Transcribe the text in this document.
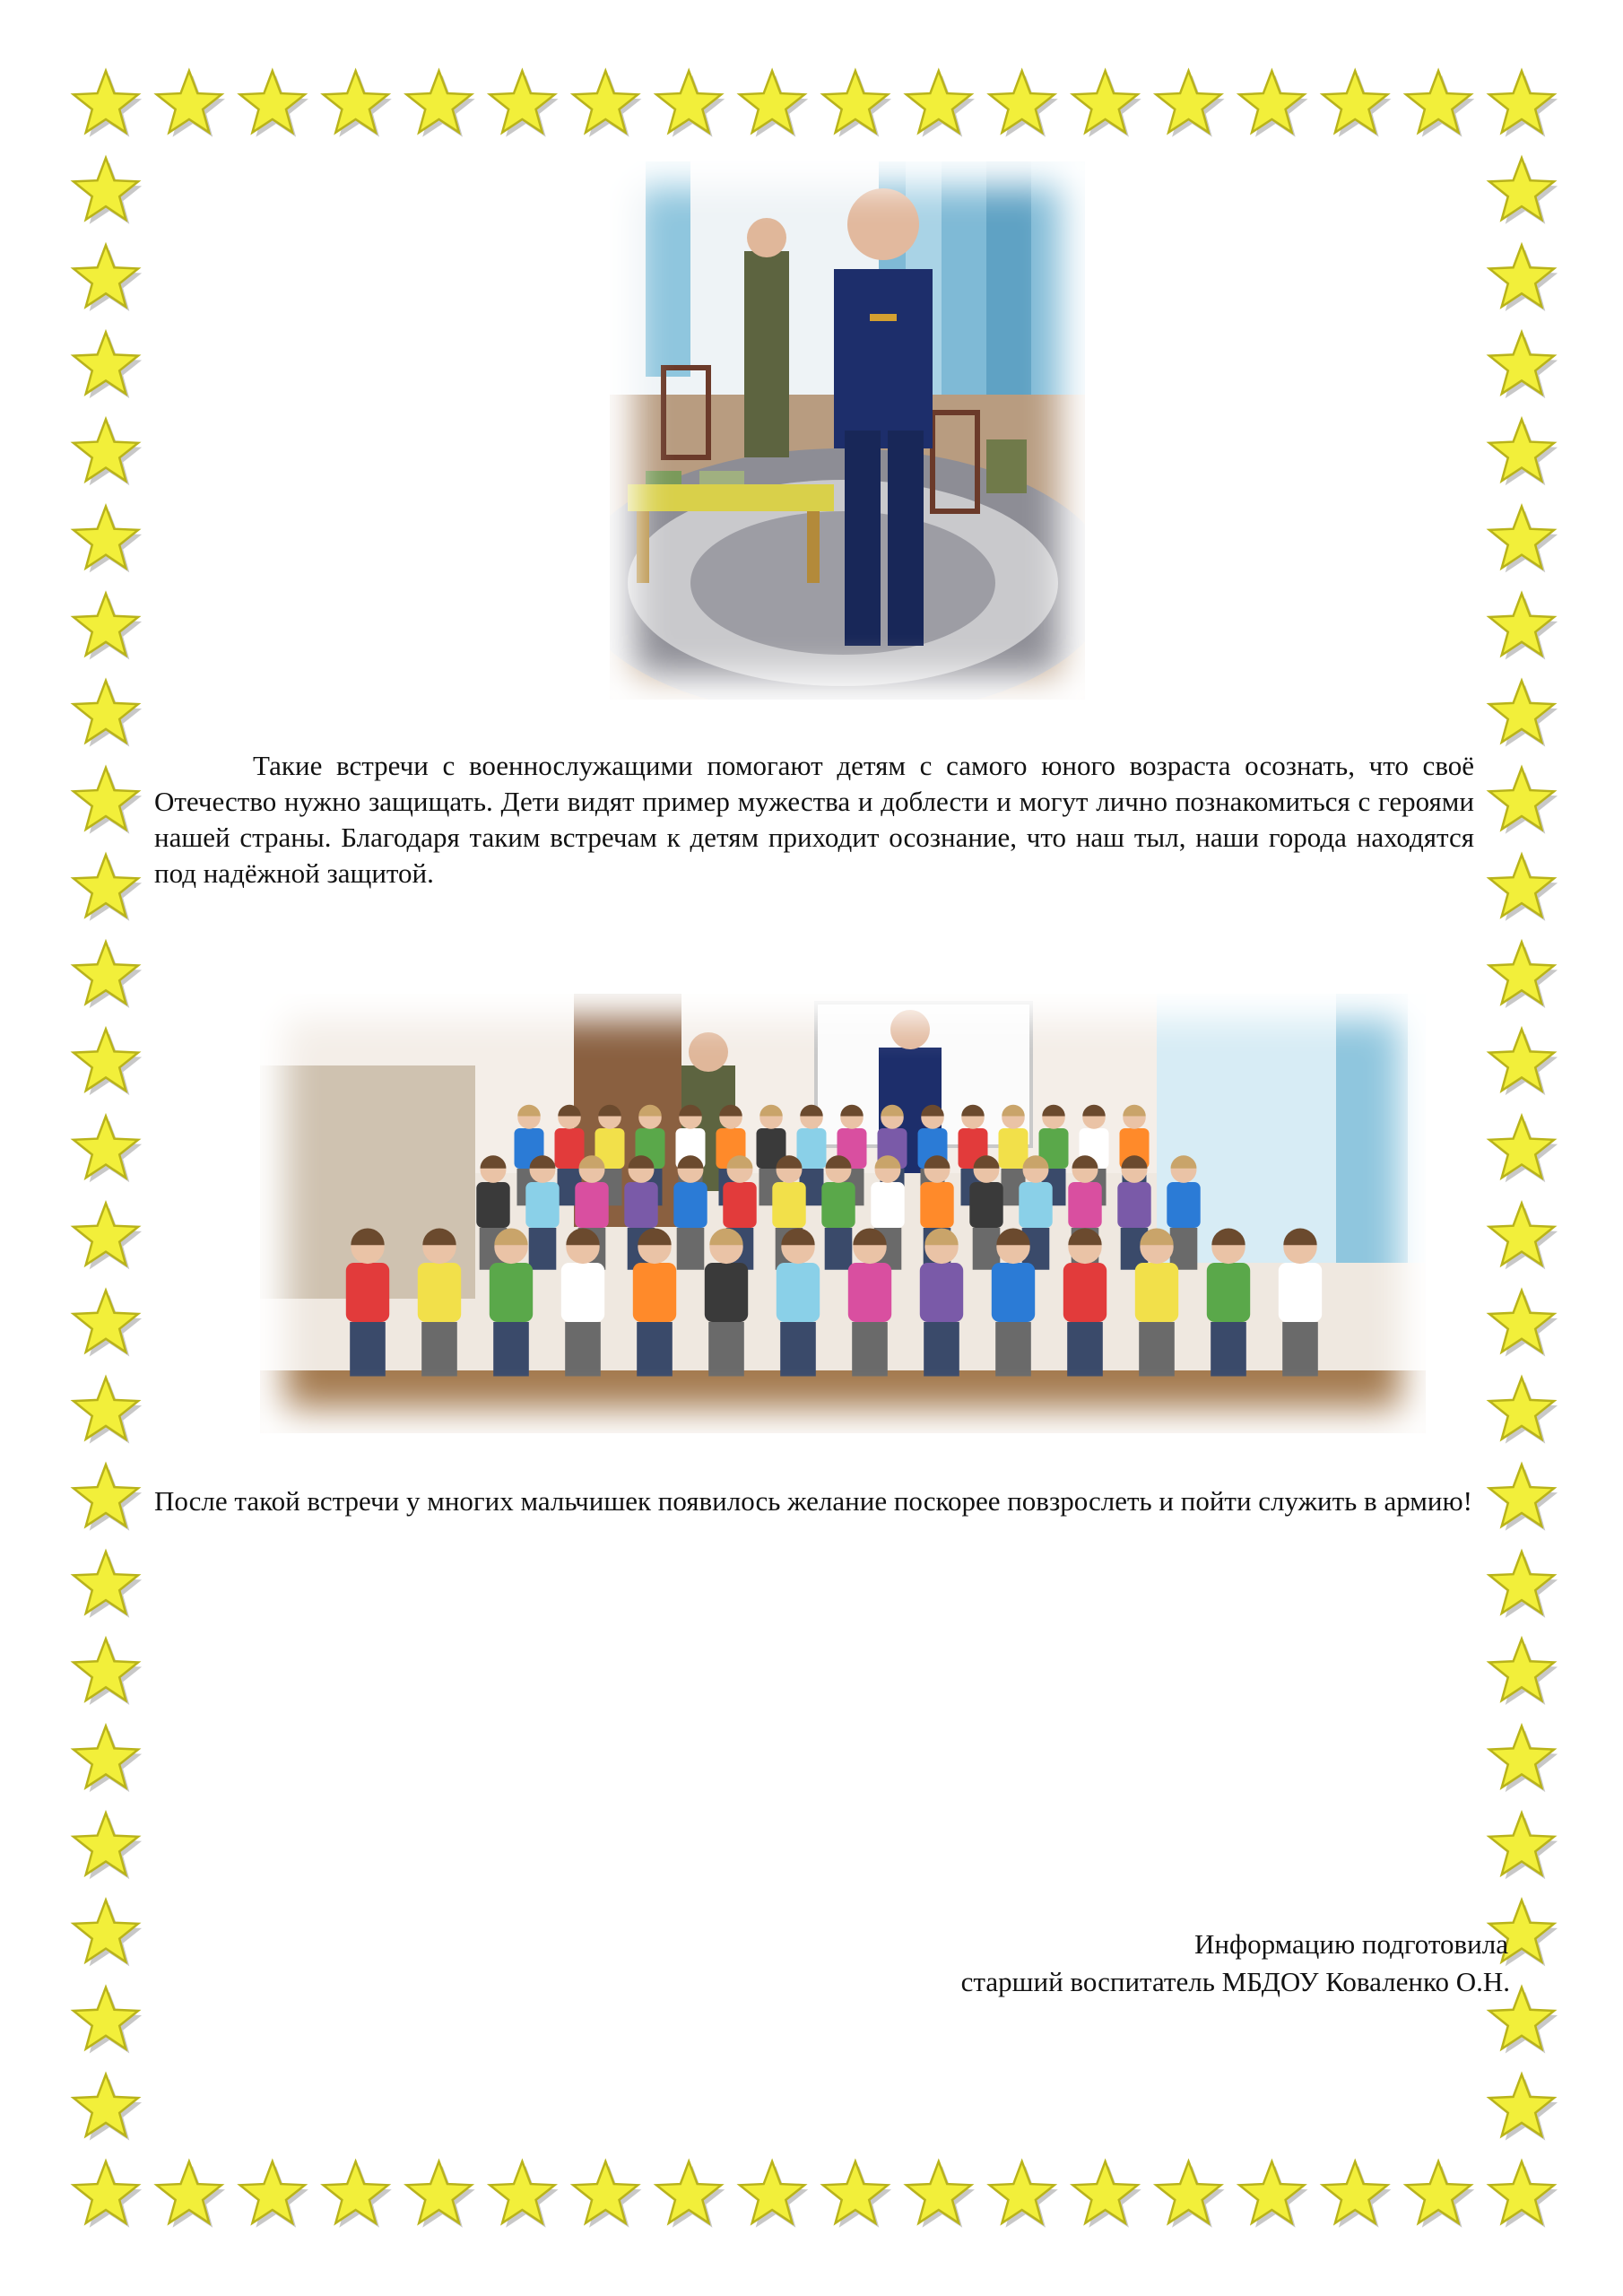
Такие встречи с военнослужащими помогают детям с самого юного возраста осознать, что своё Отечество нужно защищать. Дети видят пример мужества и доблести и могут лично познакомиться с героями нашей страны. Благодаря таким встречам к детям приходит осознание, что наш тыл, наши города находятся под надёжной защитой.

После такой встречи у многих мальчишек появилось желание поскорее повзрослеть и пойти служить в армию!

Информацию подготовила
старший воспитатель МБДОУ Коваленко О.Н.
